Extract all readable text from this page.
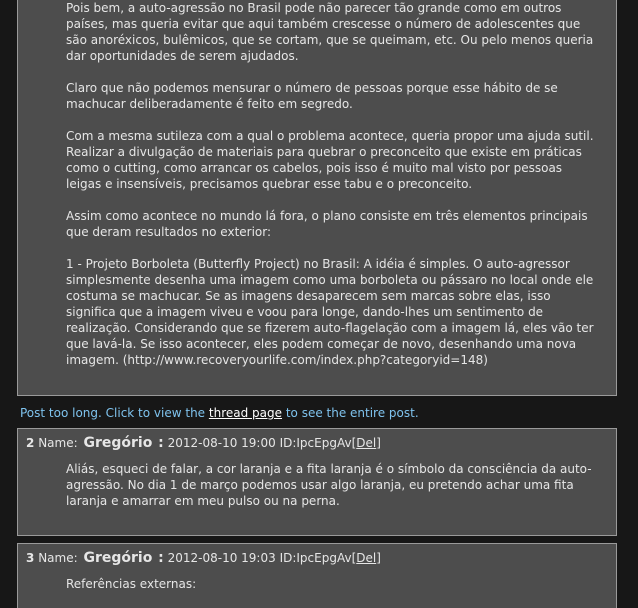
Pois bem, a auto-agressão no Brasil pode não parecer tão grande como em outros países, mas queria evitar que aqui também crescesse o número de adolescentes que são anoréxicos, bulêmicos, que se cortam, que se queimam, etc. Ou pelo menos queria dar oportunidades de serem ajudados.

Claro que não podemos mensurar o número de pessoas porque esse hábito de se machucar deliberadamente é feito em segredo.

Com a mesma sutileza com a qual o problema acontece, queria propor uma ajuda sutil. Realizar a divulgação de materiais para quebrar o preconceito que existe em práticas como o cutting, como arrancar os cabelos, pois isso é muito mal visto por pessoas leigas e insensíveis, precisamos quebrar esse tabu e o preconceito.

Assim como acontece no mundo lá fora, o plano consiste em três elementos principais que deram resultados no exterior:

1 - Projeto Borboleta (Butterfly Project) no Brasil: A idéia é simples. O auto-agressor simplesmente desenha uma imagem como uma borboleta ou pássaro no local onde ele costuma se machucar. Se as imagens desaparecem sem marcas sobre elas, isso significa que a imagem viveu e voou para longe, dando-lhes um sentimento de realização. Considerando que se fizerem auto-flagelação com a imagem lá, eles vão ter que lavá-la. Se isso acontecer, eles podem começar de novo, desenhando uma nova imagem. (http://www.recoveryourlife.com/index.php?categoryid=148)

Post too long. Click to view the thread page to see the entire post.
2 Name: Gregório : 2012-08-10 19:00 ID:IpcEpgAv[Del]
Aliás, esqueci de falar, a cor laranja e a fita laranja é o símbolo da consciência da auto-agressão. No dia 1 de março podemos usar algo laranja, eu pretendo achar uma fita laranja e amarrar em meu pulso ou na perna.
3 Name: Gregório : 2012-08-10 19:03 ID:IpcEpgAv[Del]
Referências externas:
